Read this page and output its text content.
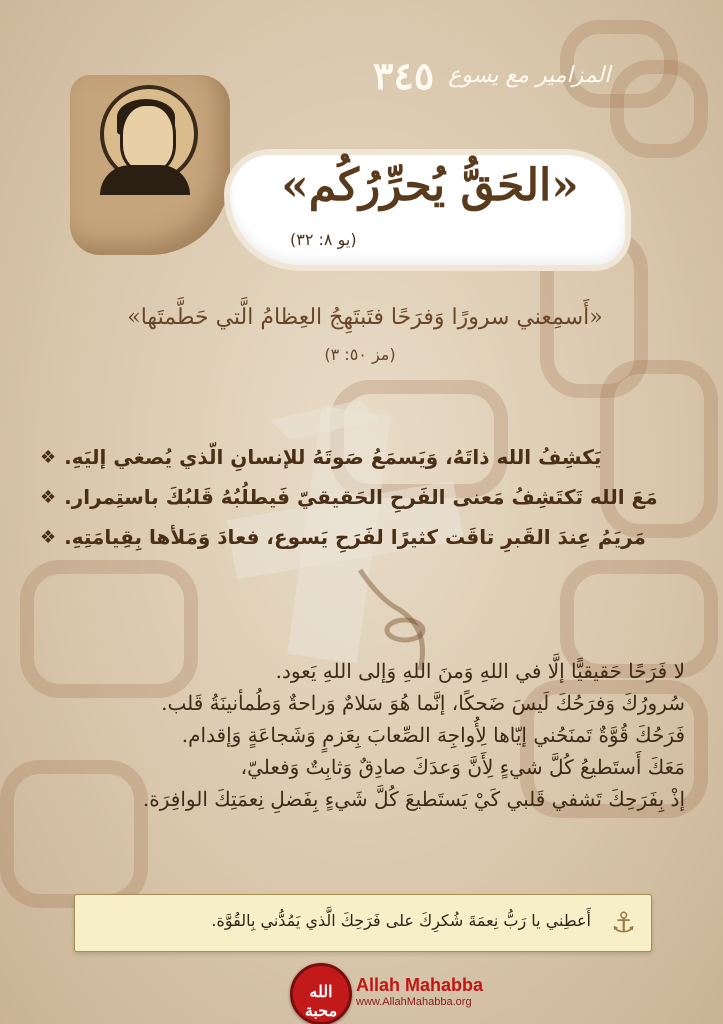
٣٤٥ المزامير مع يسوع
«الحَقُّ يُحرِّرُكُم»
(يو ٨: ٣٢)
«أَسمِعني سرورًا وَفرَحًا فتَبتَهِجُ العِظامُ الَّتي حَطَّمتَها»
(مز ٥٠: ٣)
❖ يَكشِفُ الله ذاتَهُ، وَيَسمَعُ صَوتَهُ للإنسانِ الّذي يُصغي إليَهِ.
❖ مَعَ الله تَكتَشِفُ مَعنى الفَرحِ الحَقيقيّ فَيطلُبُهُ قَلبُكَ باستِمرار.
❖ مَريَمُ عِندَ القَبرِ تاقَت كثيرًا لفَرَحِ يَسوع، فعادَ وَمَلأها بِقِيامَتِهِ.
لا فَرَحًا حَقيقيًّا إلَّا في اللهِ وَمنَ اللهِ وَإلى اللهِ يَعود.
سُرورُكَ وَفرَحُكَ لَيسَ ضَحكًا، إنَّما هُوَ سَلامٌ وَراحةٌ وَطُمأنينَةُ قَلب.
فَرَحُكَ قُوَّةٌ تَمنَحُني إيّاها لِأُواجِهَ الصِّعابَ بِعَزمٍ وَشَجاعَةٍ وَإقدام.
مَعَكَ أَستَطيعُ كُلَّ شيءٍ لِأَنَّ وَعدَكَ صادِقٌ وَثابِتٌ وَفعليّ،
إذْ بِفَرَحِكَ تَشفي قَلبي كَيْ يَستَطيعَ كُلَّ شَيءٍ بِفَضلِ نِعمَتِكَ الوافِرَة.
⚓
أَعطِني يا رَبُّ نِعمَةَ شُكرِكَ على فَرَحِكَ الَّذي يَمُدُّني بِالقُوَّة.
الله محبة
Allah Mahabba
www.AllahMahabba.org
